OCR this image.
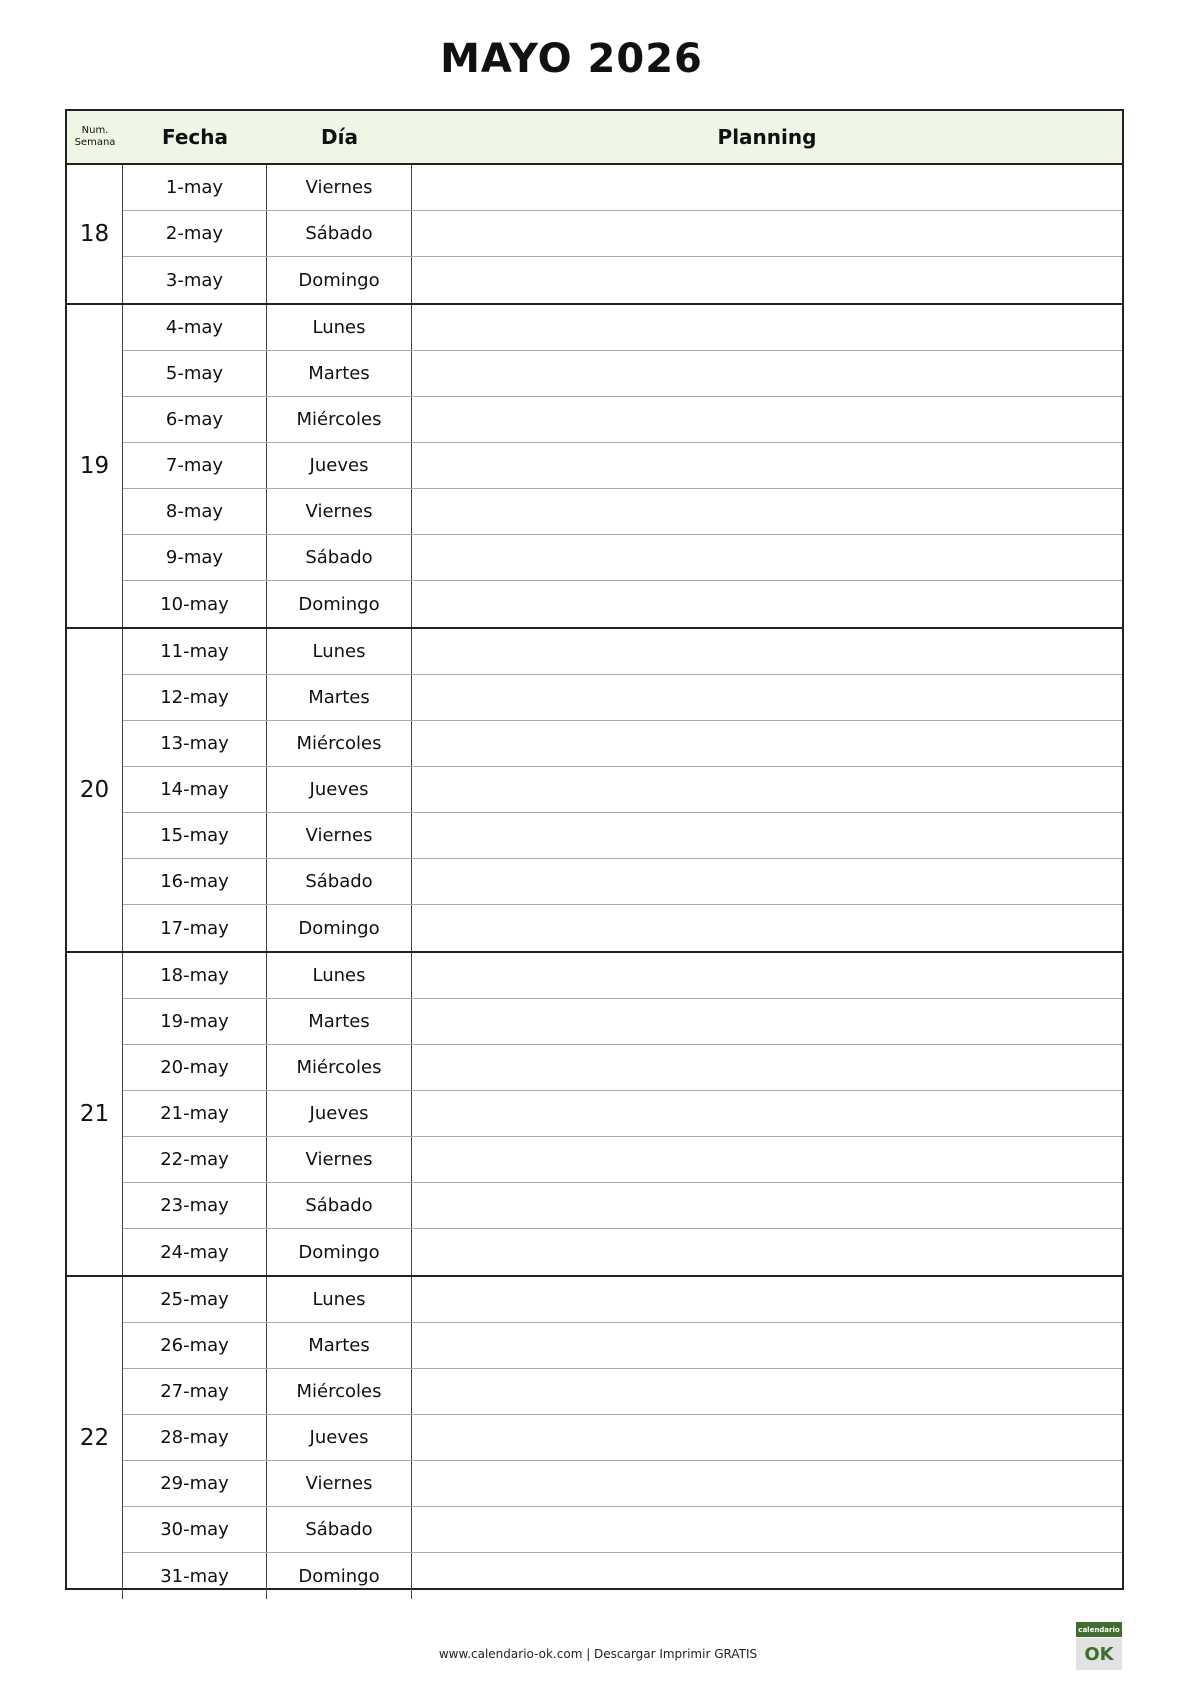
MAYO 2026
Num.
Semana	Fecha	Día	Planning
18
1-may	Viernes
2-may	Sábado
3-may	Domingo
19
4-may	Lunes
5-may	Martes
6-may	Miércoles
7-may	Jueves
8-may	Viernes
9-may	Sábado
10-may	Domingo
20
11-may	Lunes
12-may	Martes
13-may	Miércoles
14-may	Jueves
15-may	Viernes
16-may	Sábado
17-may	Domingo
21
18-may	Lunes
19-may	Martes
20-may	Miércoles
21-may	Jueves
22-may	Viernes
23-may	Sábado
24-may	Domingo
22
25-may	Lunes
26-may	Martes
27-may	Miércoles
28-may	Jueves
29-may	Viernes
30-may	Sábado
31-may	Domingo
www.calendario-ok.com | Descargar Imprimir GRATIS
calendario
OK
